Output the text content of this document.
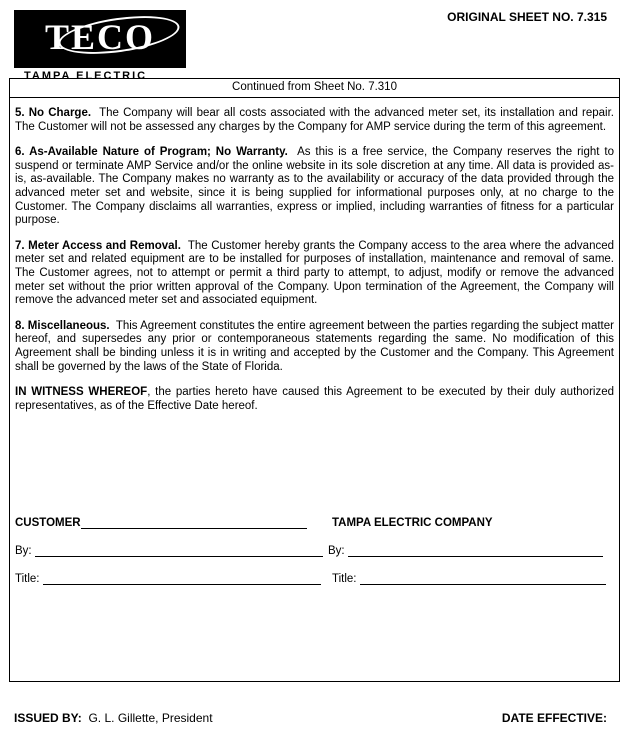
TECO
TAMPA ELECTRIC
ORIGINAL SHEET NO. 7.315
Continued from Sheet No. 7.310

5. No Charge. The Company will bear all costs associated with the advanced meter set, its installation and repair. The Customer will not be assessed any charges by the Company for AMP service during the term of this agreement.

6. As-Available Nature of Program; No Warranty. As this is a free service, the Company reserves the right to suspend or terminate AMP Service and/or the online website in its sole discretion at any time. All data is provided as-is, as-available. The Company makes no warranty as to the availability or accuracy of the data provided through the advanced meter set and website, since it is being supplied for informational purposes only, at no charge to the Customer. The Company disclaims all warranties, express or implied, including warranties of fitness for a particular purpose.

7. Meter Access and Removal. The Customer hereby grants the Company access to the area where the advanced meter set and related equipment are to be installed for purposes of installation, maintenance and removal of same. The Customer agrees, not to attempt or permit a third party to attempt, to adjust, modify or remove the advanced meter set without the prior written approval of the Company. Upon termination of the Agreement, the Company will remove the advanced meter set and associated equipment.

8. Miscellaneous. This Agreement constitutes the entire agreement between the parties regarding the subject matter hereof, and supersedes any prior or contemporaneous statements regarding the same. No modification of this Agreement shall be binding unless it is in writing and accepted by the Customer and the Company. This Agreement shall be governed by the laws of the State of Florida.

IN WITNESS WHEREOF, the parties hereto have caused this Agreement to be executed by their duly authorized representatives, as of the Effective Date hereof.

CUSTOMER	TAMPA ELECTRIC COMPANY
By:	By:
Title:	Title:
ISSUED BY: G. L. Gillette, President	DATE EFFECTIVE:
